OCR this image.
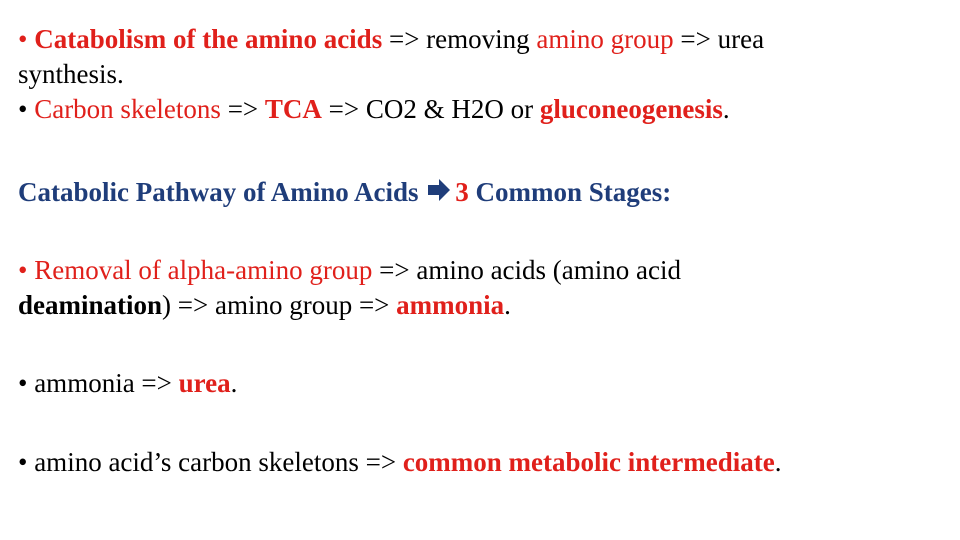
• Catabolism of the amino acids => removing amino group => urea
synthesis.
• Carbon skeletons => TCA => CO2 & H2O or gluconeogenesis.
Catabolic Pathway of Amino Acids 3 Common Stages:
• Removal of alpha-amino group => amino acids (amino acid
deamination) => amino group => ammonia.
• ammonia => urea.
• amino acid’s carbon skeletons => common metabolic intermediate.
